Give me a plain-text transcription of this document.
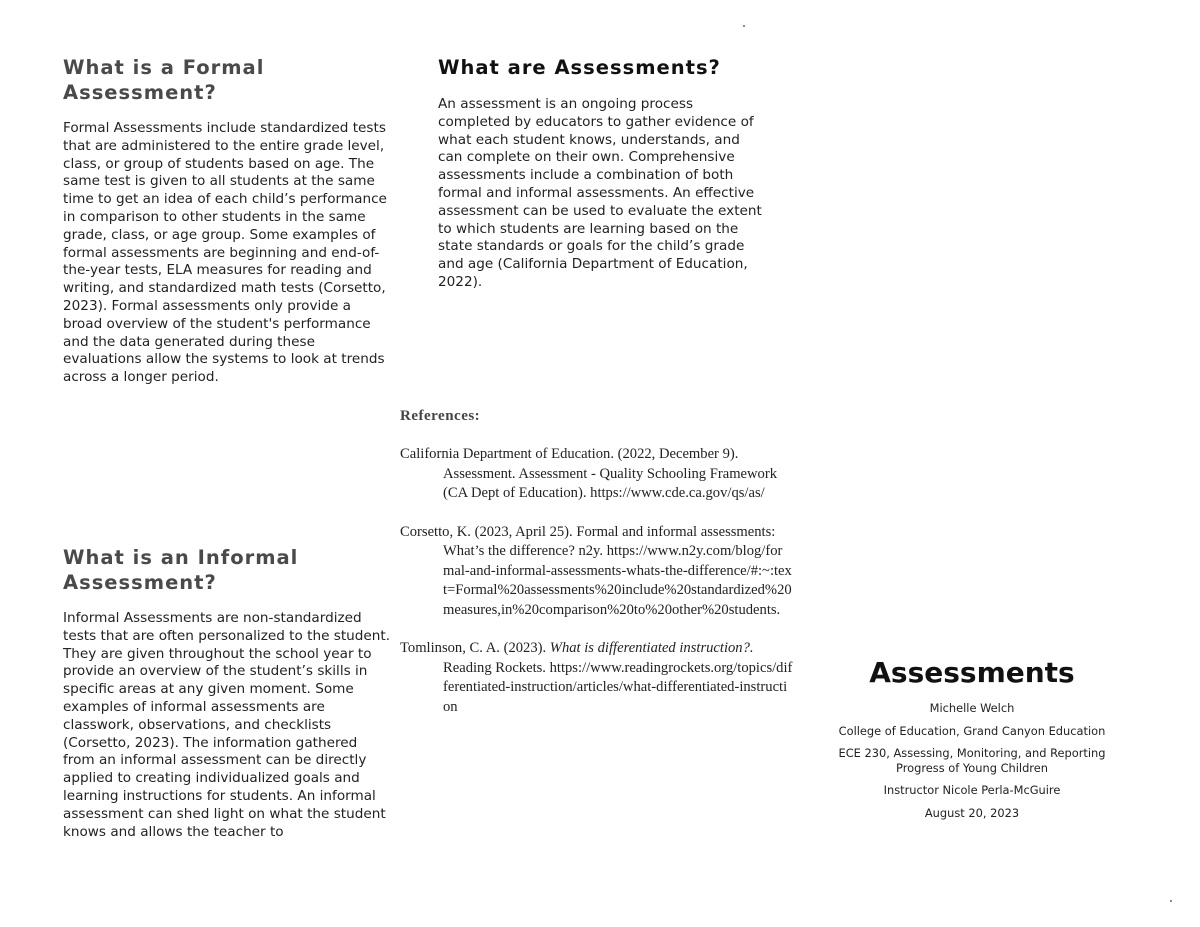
What is a Formal Assessment?

Formal Assessments include standardized tests that are administered to the entire grade level, class, or group of students based on age. The same test is given to all students at the same time to get an idea of each child’s performance in comparison to other students in the same grade, class, or age group. Some examples of formal assessments are beginning and end-of-the-year tests, ELA measures for reading and writing, and standardized math tests (Corsetto, 2023). Formal assessments only provide a broad overview of the student's performance and the data generated during these evaluations allow the systems to look at trends across a longer period.

What is an Informal Assessment?

Informal Assessments are non-standardized tests that are often personalized to the student. They are given throughout the school year to provide an overview of the student’s skills in specific areas at any given moment. Some examples of informal assessments are classwork, observations, and checklists (Corsetto, 2023). The information gathered from an informal assessment can be directly applied to creating individualized goals and learning instructions for students. An informal assessment can shed light on what the student knows and allows the teacher to

What are Assessments?

An assessment is an ongoing process completed by educators to gather evidence of what each student knows, understands, and can complete on their own. Comprehensive assessments include a combination of both formal and informal assessments. An effective assessment can be used to evaluate the extent to which students are learning based on the state standards or goals for the child’s grade and age (California Department of Education, 2022).

References:

California Department of Education. (2022, December 9). Assessment. Assessment - Quality Schooling Framework (CA Dept of Education). https://www.cde.ca.gov/qs/as/

Corsetto, K. (2023, April 25). Formal and informal assessments: What’s the difference? n2y. https://www.n2y.com/blog/formal-and-informal-assessments-whats-the-difference/#:~:text=Formal%20assessments%20include%20standardized%20measures,in%20comparison%20to%20other%20students.

Tomlinson, C. A. (2023). What is differentiated instruction?. Reading Rockets. https://www.readingrockets.org/topics/differentiated-instruction/articles/what-differentiated-instruction

Assessments

Michelle Welch

College of Education, Grand Canyon Education

ECE 230, Assessing, Monitoring, and Reporting Progress of Young Children

Instructor Nicole Perla-McGuire

August 20, 2023
